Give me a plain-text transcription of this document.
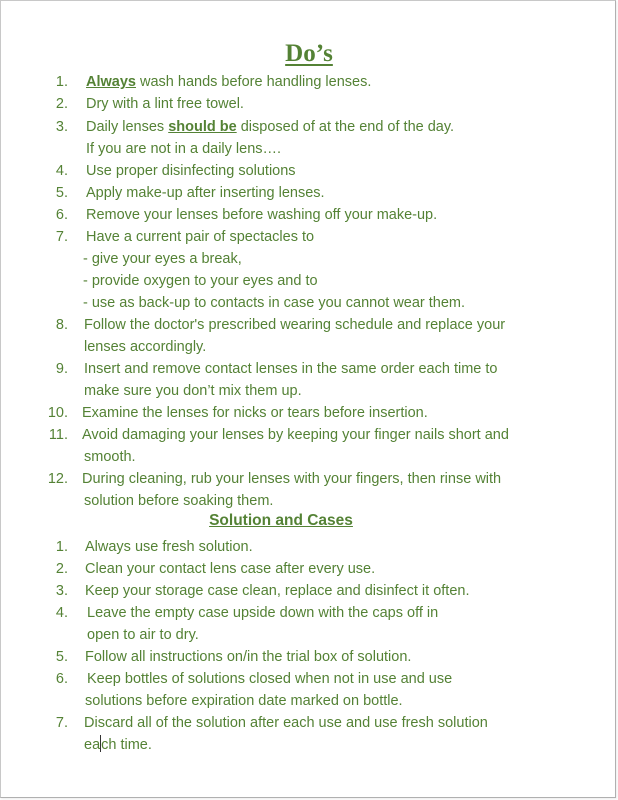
Do’s
1. Always wash hands before handling lenses.
2. Dry with a lint free towel.
3. Daily lenses should be disposed of at the end of the day.
If you are not in a daily lens….
4. Use proper disinfecting solutions
5. Apply make-up after inserting lenses.
6. Remove your lenses before washing off your make-up.
7. Have a current pair of spectacles to
- give your eyes a break,
- provide oxygen to your eyes and to
- use as back-up to contacts in case you cannot wear them.
8. Follow the doctor's prescribed wearing schedule and replace your
lenses accordingly.
9. Insert and remove contact lenses in the same order each time to
make sure you don’t mix them up.
10. Examine the lenses for nicks or tears before insertion.
11. Avoid damaging your lenses by keeping your finger nails short and
smooth.
12. During cleaning, rub your lenses with your fingers, then rinse with
solution before soaking them.
Solution and Cases
1. Always use fresh solution.
2. Clean your contact lens case after every use.
3. Keep your storage case clean, replace and disinfect it often.
4. Leave the empty case upside down with the caps off in
open to air to dry.
5. Follow all instructions on/in the trial box of solution.
6. Keep bottles of solutions closed when not in use and use
solutions before expiration date marked on bottle.
7. Discard all of the solution after each use and use fresh solution
each time.
